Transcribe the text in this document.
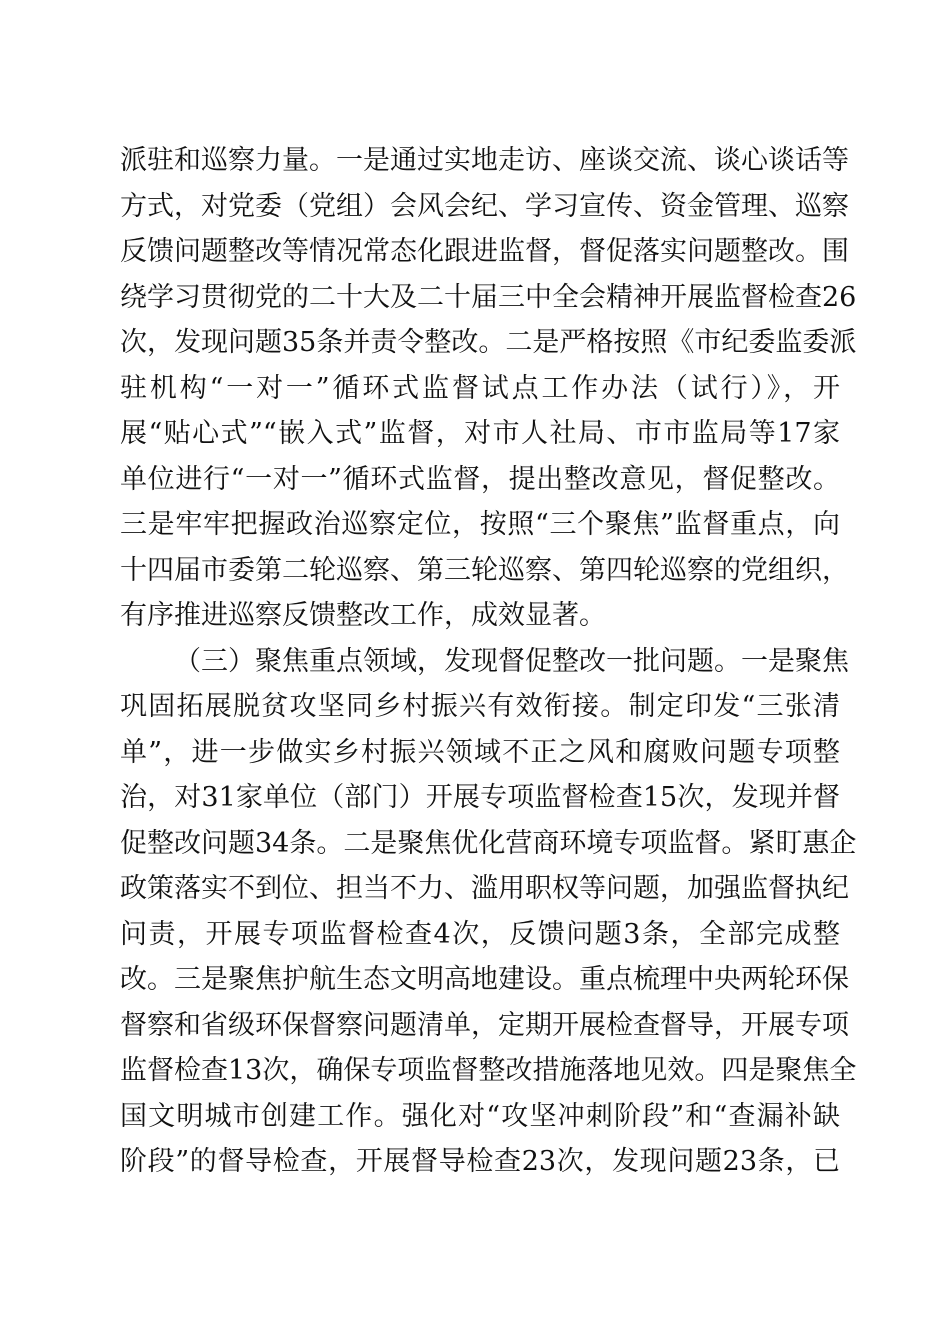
派驻和巡察力量。一是通过实地走访、座谈交流、谈心谈话等
方式，对党委（党组）会风会纪、学习宣传、资金管理、巡察
反馈问题整改等情况常态化跟进监督，督促落实问题整改。围
绕学习贯彻党的二十大及二十届三中全会精神开展监督检查26
次，发现问题35条并责令整改。二是严格按照《市纪委监委派
驻机构“一对一”循环式监督试点工作办法（试行）》，开
展“贴心式”“嵌入式”监督，对市人社局、市市监局等17家
单位进行“一对一”循环式监督，提出整改意见，督促整改。
三是牢牢把握政治巡察定位，按照“三个聚焦”监督重点，向
十四届市委第二轮巡察、第三轮巡察、第四轮巡察的党组织，
有序推进巡察反馈整改工作，成效显著。
（三）聚焦重点领域，发现督促整改一批问题。一是聚焦
巩固拓展脱贫攻坚同乡村振兴有效衔接。制定印发“三张清
单”，进一步做实乡村振兴领域不正之风和腐败问题专项整
治，对31家单位（部门）开展专项监督检查15次，发现并督
促整改问题34条。二是聚焦优化营商环境专项监督。紧盯惠企
政策落实不到位、担当不力、滥用职权等问题，加强监督执纪
问责，开展专项监督检查4次，反馈问题3条，全部完成整
改。三是聚焦护航生态文明高地建设。重点梳理中央两轮环保
督察和省级环保督察问题清单，定期开展检查督导，开展专项
监督检查13次，确保专项监督整改措施落地见效。四是聚焦全
国文明城市创建工作。强化对“攻坚冲刺阶段”和“查漏补缺
阶段”的督导检查，开展督导检查23次，发现问题23条，已
